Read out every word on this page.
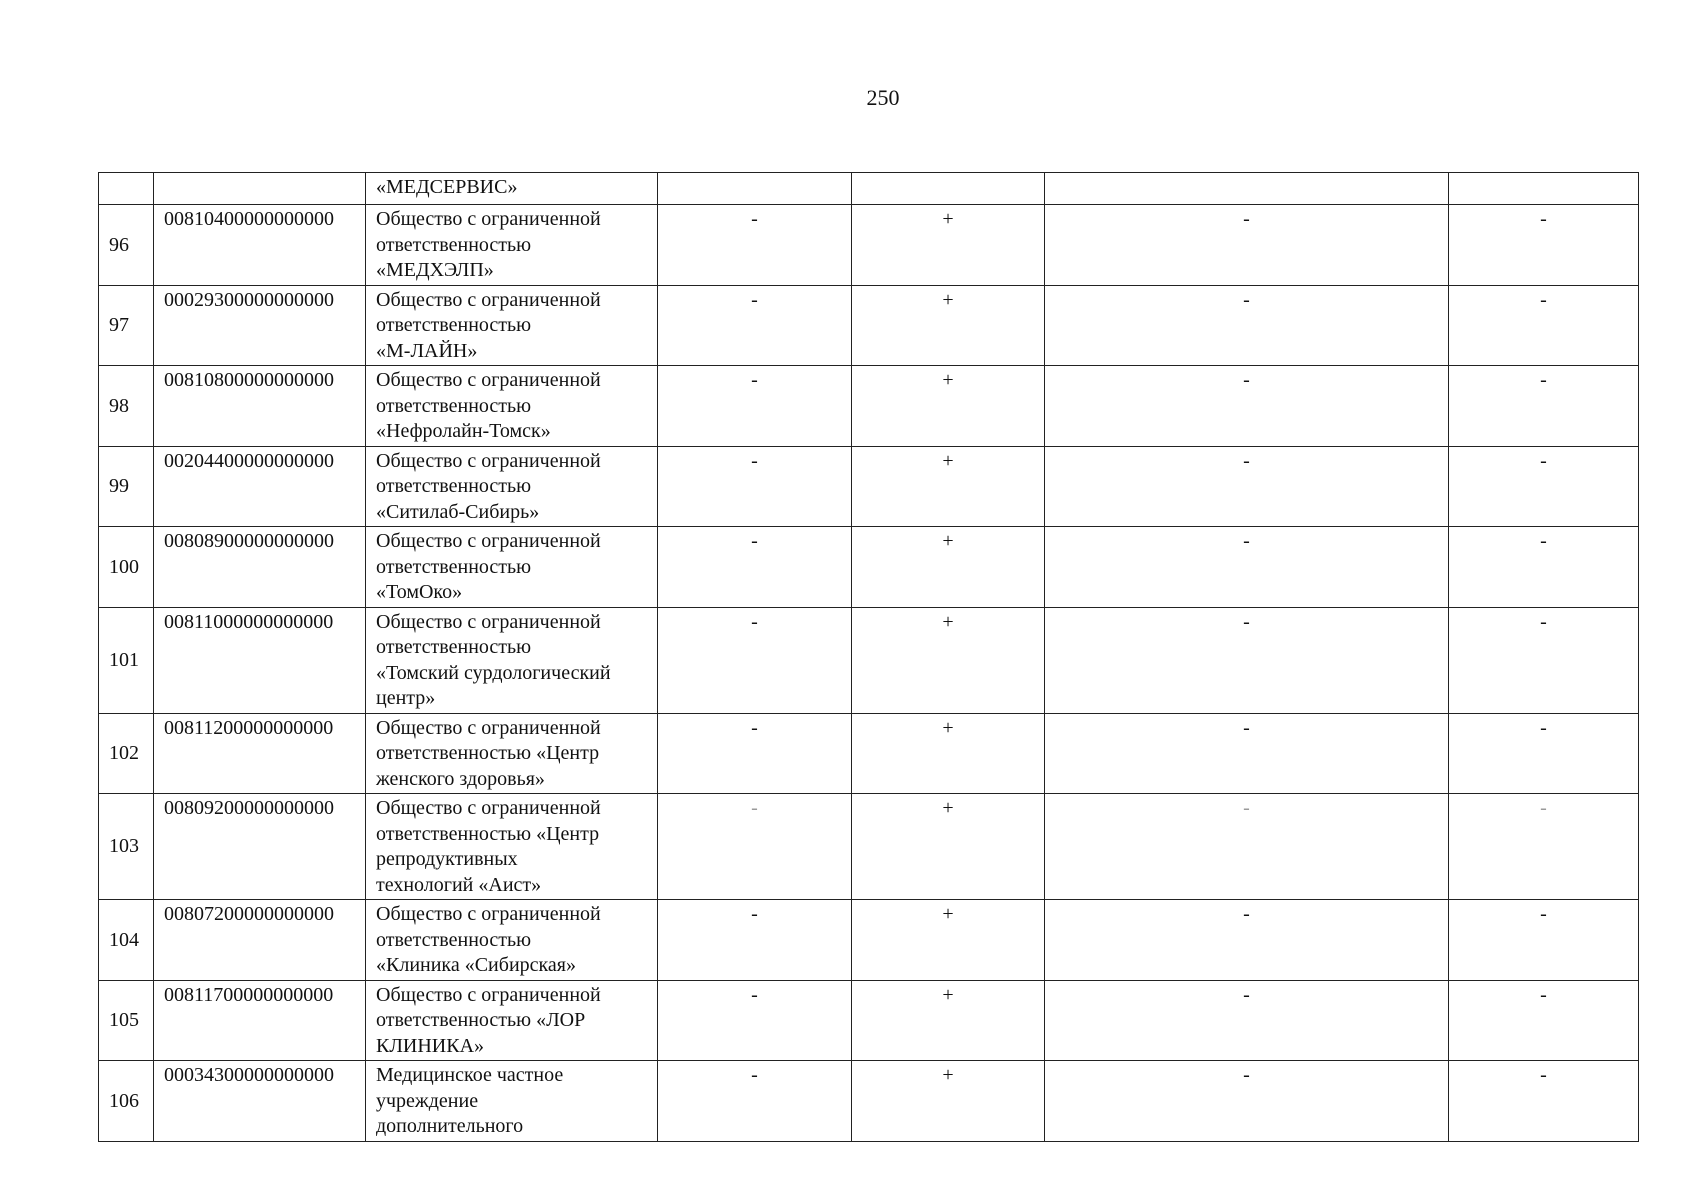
250

		«МЕДСЕРВИС»				

96	00810400000000000	Общество с ограниченной
ответственностью
«МЕДХЭЛП»	-	+	-	-
97	00029300000000000	Общество с ограниченной
ответственностью
«М-ЛАЙН»	-	+	-	-
98	00810800000000000	Общество с ограниченной
ответственностью
«Нефролайн-Томск»	-	+	-	-
99	00204400000000000	Общество с ограниченной
ответственностью
«Ситилаб-Сибирь»	-	+	-	-
100	00808900000000000	Общество с ограниченной
ответственностью
«ТомОко»	-	+	-	-
101	00811000000000000	Общество с ограниченной
ответственностью
«Томский сурдологический
центр»	-	+	-	-
102	00811200000000000	Общество с ограниченной
ответственностью «Центр
женского здоровья»	-	+	-	-
103	00809200000000000	Общество с ограниченной
ответственностью «Центр
репродуктивных
технологий «Аист»	-	+	-	-
104	00807200000000000	Общество с ограниченной
ответственностью
«Клиника «Сибирская»	-	+	-	-
105	00811700000000000	Общество с ограниченной
ответственностью «ЛОР
КЛИНИКА»	-	+	-	-
106	00034300000000000	Медицинское частное
учреждение
дополнительного	-	+	-	-
